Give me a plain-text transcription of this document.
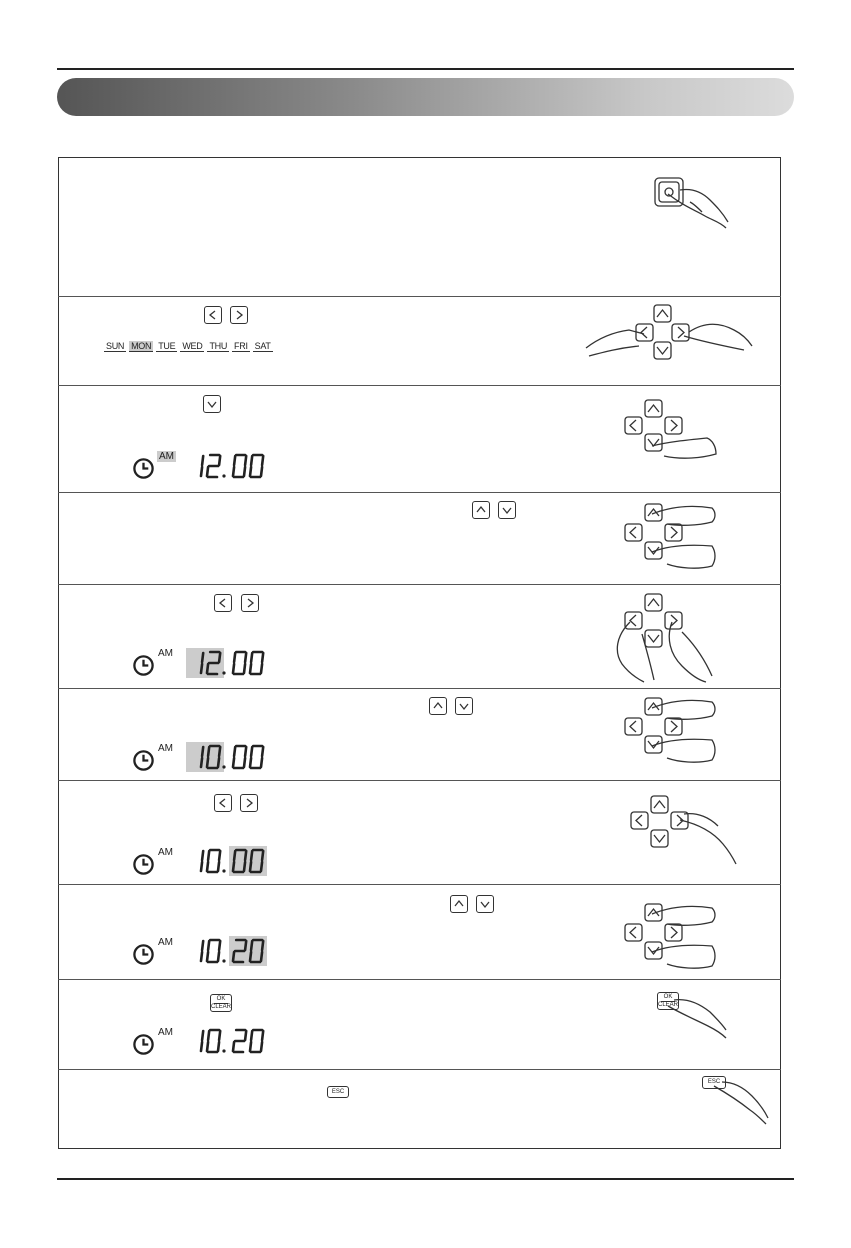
SUN MON TUE WED THU FRI SAT
AM
AM
AM
AM
AM
OK
CLEAR
AM
OK
CLEAR
ESC
ESC
